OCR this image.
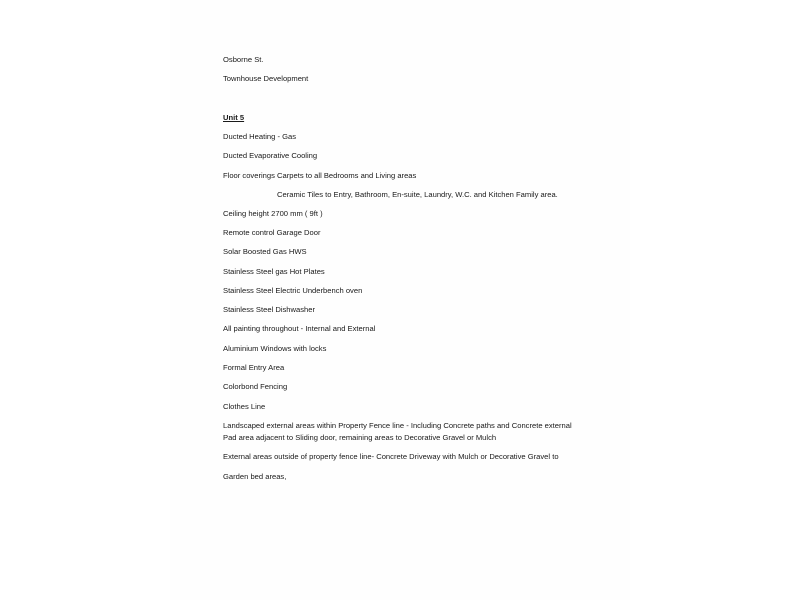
Osborne St.
Townhouse Development
Unit 5
Ducted Heating - Gas
Ducted Evaporative Cooling
Floor coverings Carpets to all Bedrooms and Living areas
Ceramic Tiles to Entry, Bathroom, En-suite, Laundry, W.C. and Kitchen Family area.
Ceiling height 2700 mm ( 9ft )
Remote control Garage Door
Solar Boosted Gas HWS
Stainless Steel gas Hot Plates
Stainless Steel Electric Underbench oven
Stainless Steel Dishwasher
All painting throughout - Internal and External
Aluminium Windows with locks
Formal Entry Area
Colorbond Fencing
Clothes Line
Landscaped external areas within Property Fence line - Including Concrete paths and Concrete external
Pad area adjacent to Sliding door, remaining areas to Decorative Gravel or Mulch
External areas outside of property fence line- Concrete Driveway with Mulch or Decorative Gravel to
Garden bed areas,
